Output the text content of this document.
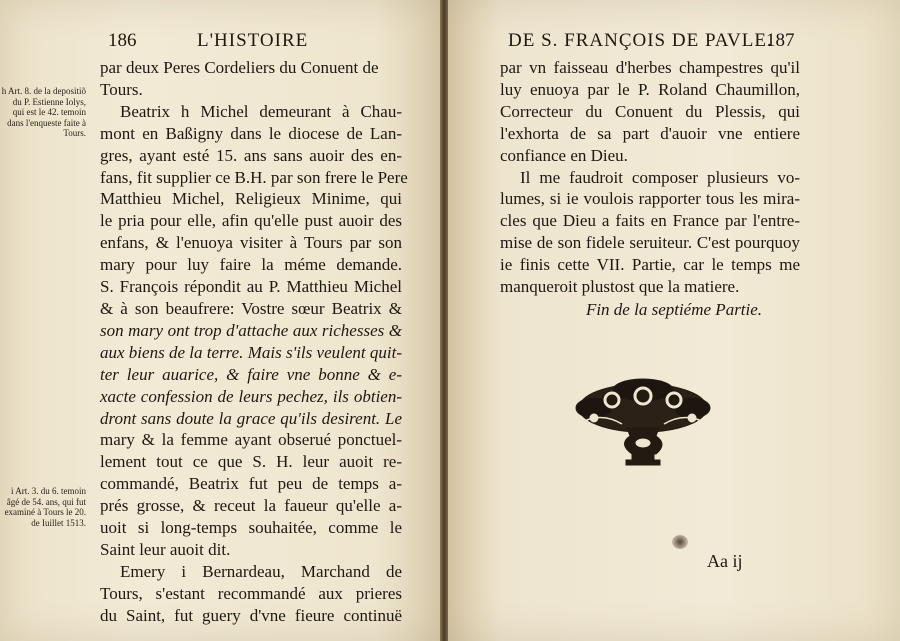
186	L'HISTOIRE
h Art. 8. de la depositiõ du P. Estienne Iolys, qui est le 42. temoin dans l'enqueste faite à Tours.
i Art. 3. du 6. temoin âgé de 54. ans, qui fut examiné à Tours le 20. de Iuillet 1513.
par deux Peres Cordeliers du Conuent de
Tours.
Beatrix h Michel demeurant à Chau-
mont en Baßigny dans le diocese de Lan-
gres, ayant esté 15. ans sans auoir des en-
fans, fit supplier ce B.H. par son frere le Pere
Matthieu Michel, Religieux Minime, qui
le pria pour elle, afin qu'elle pust auoir des
enfans, & l'enuoya visiter à Tours par son
mary pour luy faire la méme demande.
S. François répondit au P. Matthieu Michel
& à son beaufrere: Vostre sœur Beatrix &
son mary ont trop d'attache aux richesses &
aux biens de la terre. Mais s'ils veulent quit-
ter leur auarice, & faire vne bonne & e-
xacte confession de leurs pechez, ils obtien-
dront sans doute la grace qu'ils desirent. Le
mary & la femme ayant obserué ponctuel-
lement tout ce que S. H. leur auoit re-
commandé, Beatrix fut peu de temps a-
prés grosse, & receut la faueur qu'elle a-
uoit si long-temps souhaitée, comme le
Saint leur auoit dit.
Emery i Bernardeau, Marchand de
Tours, s'estant recommandé aux prieres
du Saint, fut guery d'vne fieure continuë
DE S. FRANÇOIS DE PAVLE.
187
par vn faisseau d'herbes champestres qu'il
luy enuoya par le P. Roland Chaumillon,
Correcteur du Conuent du Plessis, qui
l'exhorta de sa part d'auoir vne entiere
confiance en Dieu.
Il me faudroit composer plusieurs vo-
lumes, si ie voulois rapporter tous les mira-
cles que Dieu a faits en France par l'entre-
mise de son fidele seruiteur. C'est pourquoy
ie finis cette VII. Partie, car le temps me
manqueroit plustost que la matiere.
Fin de la septiéme Partie.
Aa ij
